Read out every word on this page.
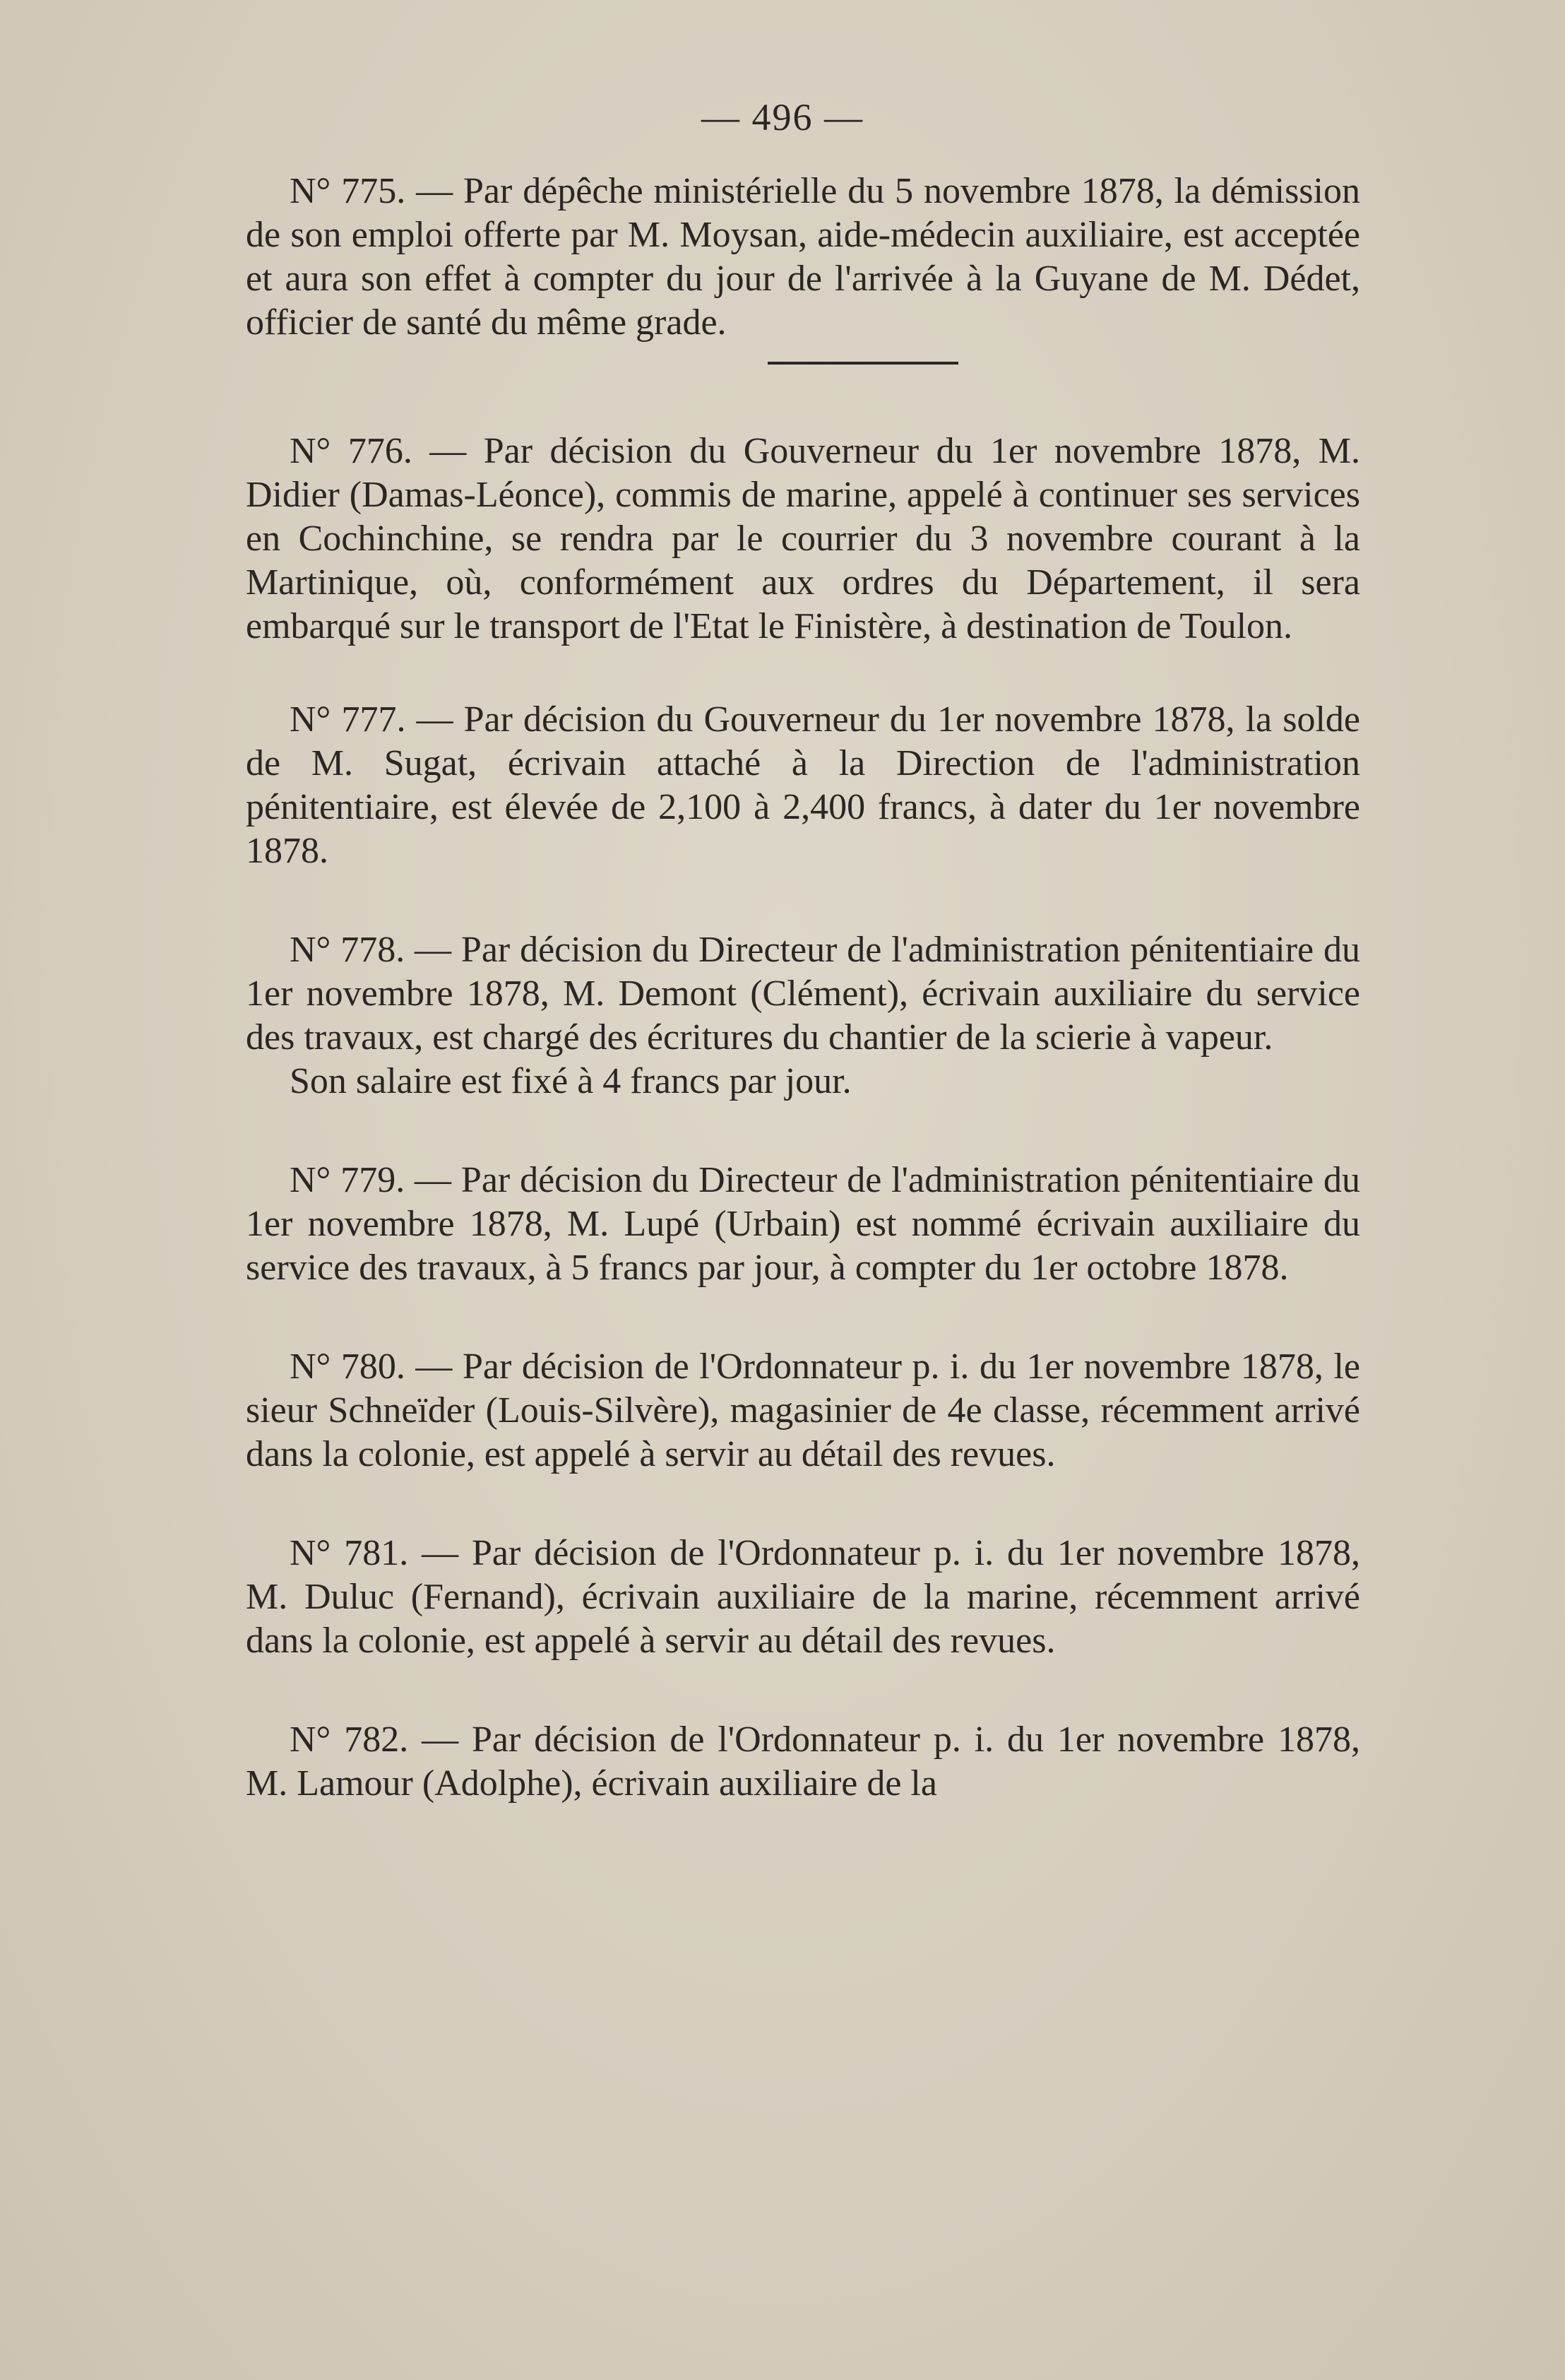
— 496 —

N° 775. — Par dépêche ministérielle du 5 novembre 1878, la démission de son emploi offerte par M. Moysan, aide-médecin auxiliaire, est acceptée et aura son effet à compter du jour de l'arrivée à la Guyane de M. Dédet, officier de santé du même grade.

N° 776. — Par décision du Gouverneur du 1er novembre 1878, M. Didier (Damas-Léonce), commis de marine, appelé à continuer ses services en Cochinchine, se rendra par le courrier du 3 novembre courant à la Martinique, où, conformément aux ordres du Département, il sera embarqué sur le transport de l'Etat le Finistère, à destination de Toulon.

N° 777. — Par décision du Gouverneur du 1er novembre 1878, la solde de M. Sugat, écrivain attaché à la Direction de l'administration pénitentiaire, est élevée de 2,100 à 2,400 francs, à dater du 1er novembre 1878.

N° 778. — Par décision du Directeur de l'administration pénitentiaire du 1er novembre 1878, M. Demont (Clément), écrivain auxiliaire du service des travaux, est chargé des écritures du chantier de la scierie à vapeur.

Son salaire est fixé à 4 francs par jour.

N° 779. — Par décision du Directeur de l'administration pénitentiaire du 1er novembre 1878, M. Lupé (Urbain) est nommé écrivain auxiliaire du service des travaux, à 5 francs par jour, à compter du 1er octobre 1878.

N° 780. — Par décision de l'Ordonnateur p. i. du 1er novembre 1878, le sieur Schneïder (Louis-Silvère), magasinier de 4e classe, récemment arrivé dans la colonie, est appelé à servir au détail des revues.

N° 781. — Par décision de l'Ordonnateur p. i. du 1er novembre 1878, M. Duluc (Fernand), écrivain auxiliaire de la marine, récemment arrivé dans la colonie, est appelé à servir au détail des revues.

N° 782. — Par décision de l'Ordonnateur p. i. du 1er novembre 1878, M. Lamour (Adolphe), écrivain auxiliaire de la
